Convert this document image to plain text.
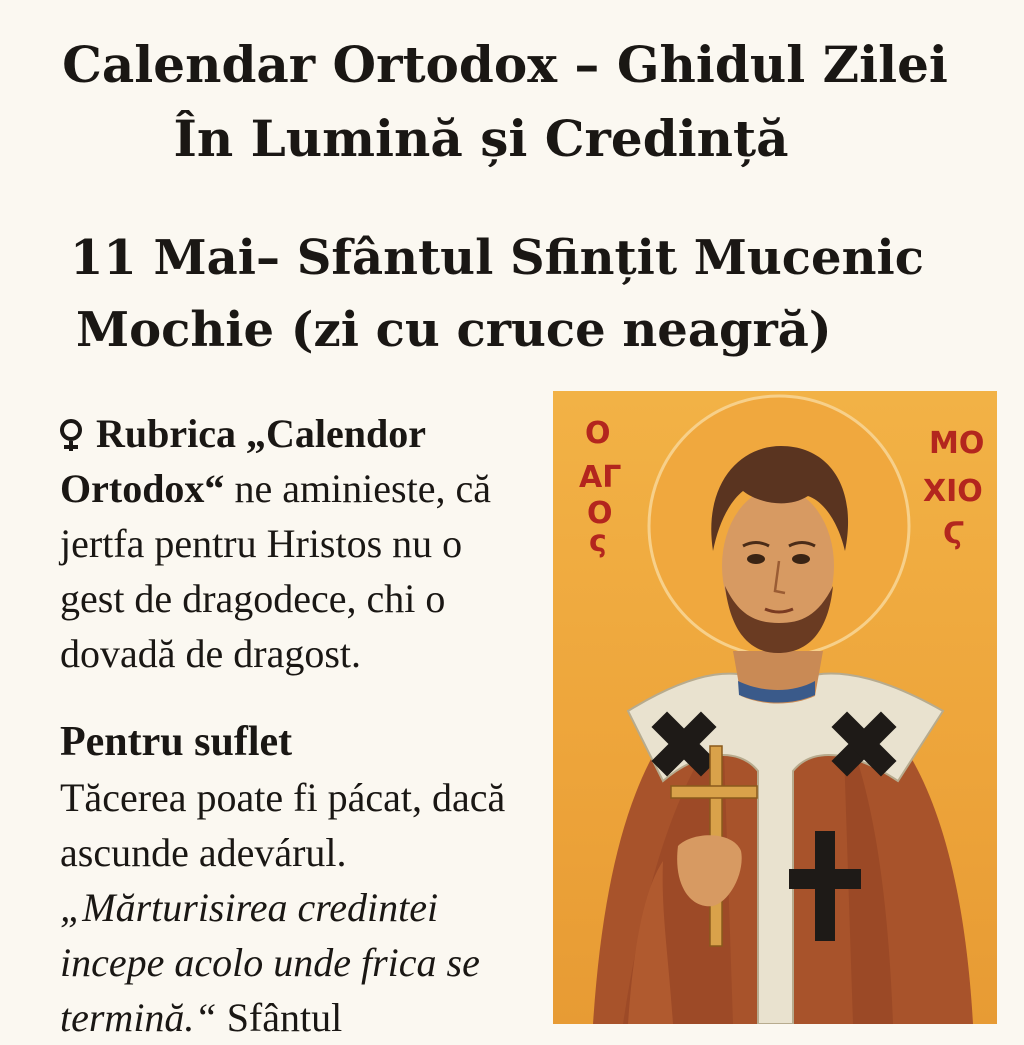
Calendar Ortodox – Ghidul Zilei
În Lumină și Credință
11 Mai– Sfântul Sfințit Mucenic
Mochie (zi cu cruce neagră)
Rubrica „Calendor Ortodox“ ne aminieste, că jertfa pentru Hristos nu o gest de dragodece, chi o dovadă de dragost.
Pentru suflet
Tăcerea poate fi pácat, dacă ascunde adevárul.
„Mărturisirea credintei incepe acolo unde frica se termină.“ Sfântul
Ο
ΑΓ
Ο
ς
ΜΟ
ΧΙΟ
Ϛ
